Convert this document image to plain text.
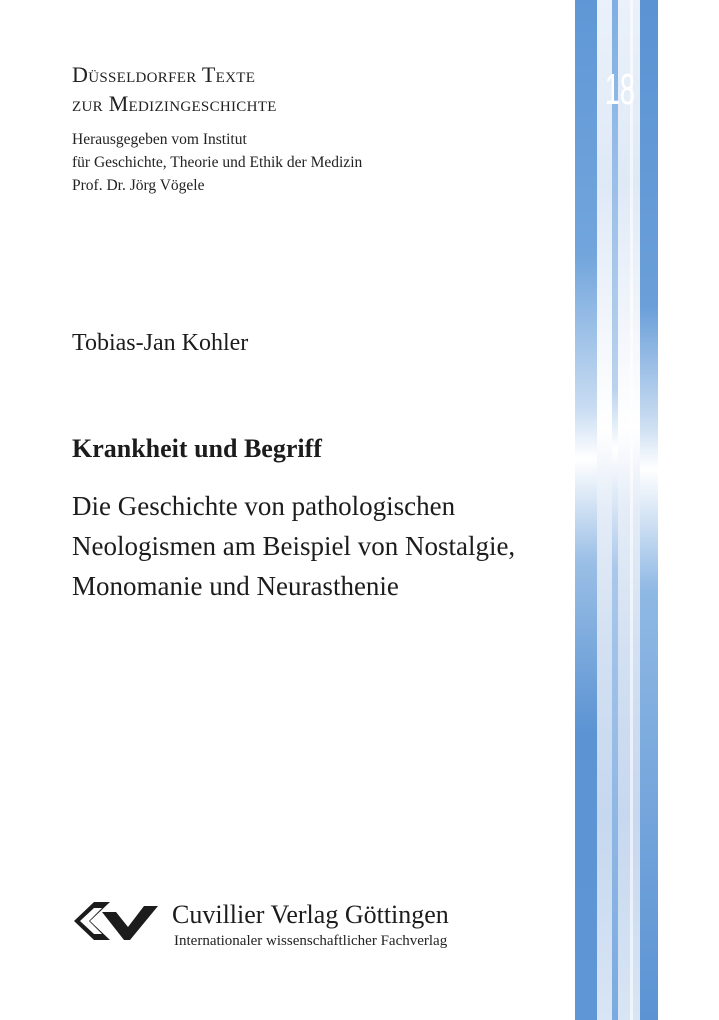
18
Düsseldorfer Texte
zur Medizingeschichte
Herausgegeben vom Institut
für Geschichte, Theorie und Ethik der Medizin
Prof. Dr. Jörg Vögele
Tobias-Jan Kohler
Krankheit und Begriff
Die Geschichte von pathologischen
Neologismen am Beispiel von Nostalgie,
Monomanie und Neurasthenie
Cuvillier Verlag Göttingen
Internationaler wissenschaftlicher Fachverlag
